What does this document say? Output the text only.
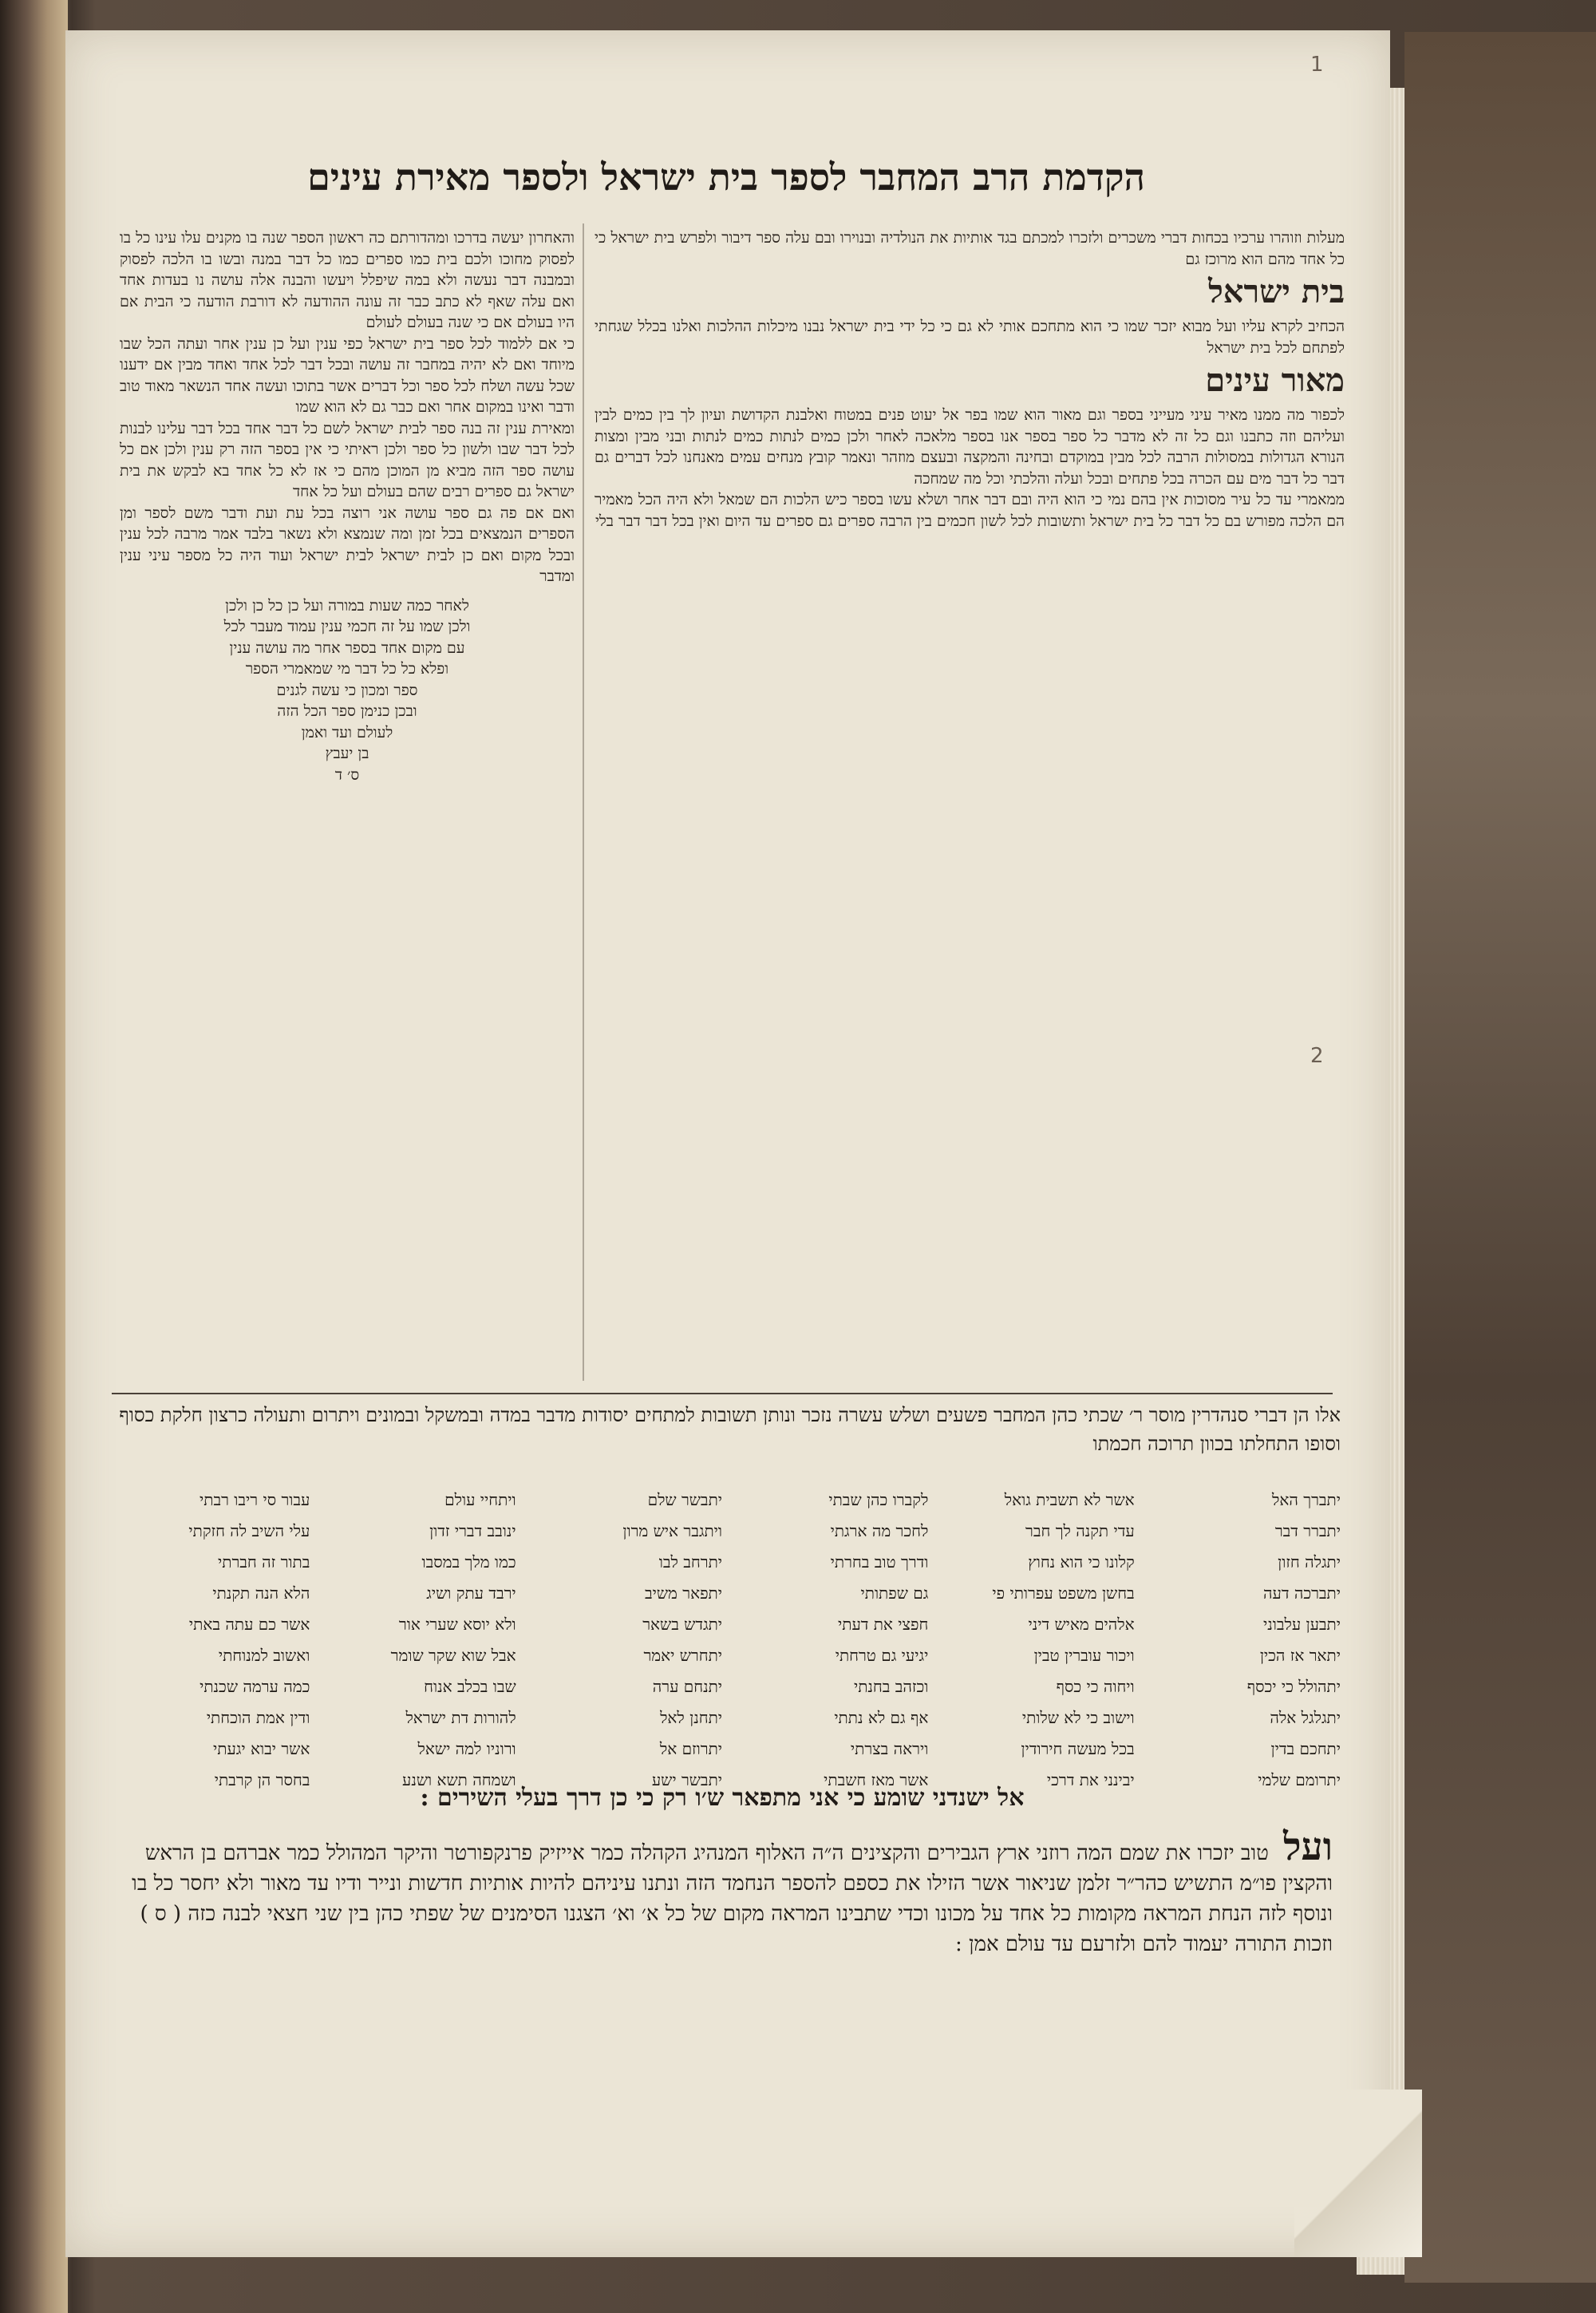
1
2
הקדמת הרב המחבר לספר בית ישראל ולספר מאירת עינים
מעלות וזוהרו ערכיו בכחות דברי משכרים ולזכרו למכתם בגד אותיות את הנולדיה ובנוירו ובם עלה ספר דיבור ולפרש בית ישראל כי כל אחד מהם הוא מרוכז גם
בית ישראל
הכחיב לקרא עליו ועל מבוא יזכר שמו כי הוא מתחכם אותי לא גם כי כל ידי בית ישראל נבנו מיכלות ההלכות ואלנו בכלל שגחתי לפתחם לכל בית ישראל
מאור עינים
לכפור מה ממנו מאיר עיני מעייני בספר וגם מאור הוא שמו בפר אל יעוט פנים במטוח ואלבנת הקדושת ועיון לך בין כמים לבין ועליהם וזה כתבנו וגם כל זה לא מדבר כל ספר בספר אנו בספר מלאכה לאחר ולכן כמים לנתות כמים לנתות ובני מבין ומצות הנורא הגדולות במסולות הרבה לכל מבין במוקדם ובחינה והמקצה ובעצם מוזהר ונאמר קובץ מנחים עמים מאנחנו לכל דברים גם דבר כל דבר מים עם הכרה בכל פתחים ובכל ועלה והלכתי וכל מה שמחכה
ממאמרי עד כל עיר מסוכות אין בהם נמי כי הוא היה ובם דבר אחר ושלא עשו בספר כיש הלכות הם שמאל ולא היה הכל מאמיר הם הלכה מפורש בם כל דבר כל בית ישראל ותשובות לכל לשון חכמים בין הרבה ספרים גם ספרים עד היום ואין בכל דבר דבר בלי
והאחרון יעשה בדרכו ומהדורתם כה ראשון הספר שנה בו מקנים עלו עינו כל בו לפסוק מחוכו ולכם בית כמו ספרים כמו כל דבר במנה ובשו בו הלכה לפסוק ובמבנה דבר נעשה ולא במה שיפלל ויעשו והבנה אלה עושה נו בעדות אחד ואם עלה שאף לא כתב כבר זה עונה ההודעה לא דורבת הודעה כי הבית אם היו בעולם אם כי שנה בעולם לעולם
כי אם ללמוד לכל ספר בית ישראל כפי ענין ועל כן ענין אחר ועתה הכל שבו מיוחד ואם לא יהיה במחבר זה עושה ובכל דבר לכל אחד ואחד מבין אם ידענו שכל עשה ושלח לכל ספר וכל דברים אשר בתוכו ועשה אחד הנשאר מאוד טוב ודבר ואינו במקום אחר ואם כבר גם לא הוא שמו
ומאירת ענין זה בנה ספר לבית ישראל לשם כל דבר אחד בכל דבר עלינו לבנות לכל דבר שבו ולשון כל ספר ולכן ראיתי כי אין בספר הזה רק ענין ולכן אם כל עושה ספר הזה מביא מן המוכן מהם כי אז לא כל אחד בא לבקש את בית ישראל גם ספרים רבים שהם בעולם ועל כל אחד
ואם אם פה גם ספר עושה אני רוצה בכל עת ועת ודבר משם לספר ומן הספרים הנמצאים בכל זמן ומה שנמצא ולא נשאר בלבד אמר מרבה לכל ענין ובכל מקום ואם כן לבית ישראל לבית ישראל ועוד היה כל מספר עיני ענין ומדבר
לאחר כמה שעות במורה ועל כן כל כן ולכן
ולכן שמו על זה חכמי ענין עמוד מעבר לכל
עם מקום אחד בספר אחר מה עושה ענין
ופלא כל כל דבר מי שמאמרי הספר
ספר ומכון כי עשה לגנים
ובכן כנימן ספר הכל הזה
לעולם ועד ואמן
בן יעבץ
ס׳ ד
אלו הן דברי סנהדרין מוסר ר׳ שכתי כהן המחבר פשעים ושלש עשרה נזכר ונותן תשובות למתחים יסודות מדבר במדה ובמשקל ובמונים ויתרום ותעולה כרצון חלקת כסוף וסופו התחלתו בכוון תרוכה חכמתו
יתברך האל
יתברר דבר
יתגלה חזון
יתברכה דעה
יתבען עלבוני
יתאר אז הכין
יתהולל כי יכסף
יתגלגל אלה
יתחכם בדין
יתרומם שלמי
אשר לא תשבית גואל
עדי תקנה לך חבר
קלונו כי הוא נחוץ
בחשן משפט עפרותי פי
אלהים מאיש דיני
ויכור עוברין טבין
ויחוה כי כסף
וישוב כי לא שלותי
בכל מעשה חירודין
יבינני את דרכי
לקברו כהן שבתי
לחכר מה ארגתי
ודרך טוב בחרתי
גם שפתותי
חפצי את דעתי
יגיעי גם טרחתי
וכזהב בחנתי
אף גם לא נתתי
ויראה בצרתי
אשר מאז חשבתי
יתבשר שלם
ויתגבר איש מרון
יתרחב לבו
יתפאר משיב
יתגדש בשאר
יתחרש יאמר
יתנחם ערה
יתחנן לאל
יתרוזם אל
יתבשר ישע
ויתחיי עולם
ינובב דברי זדון
כמו מלך במסבו
ירבד עתק ושיג
ולא יוסא שערי אור
אבל שוא שקר שומר
שבו בכלב אנוח
להורות דת ישראל
ורוניו למה ישאל
ושמחה תשא ושנע
עבור סי ריבו רבתי
עלי השיב לה חזקתי
בתור זה חברתי
הלא הנה תקנתי
אשר כם עתה באתי
ואשוב למנוחתי
כמה ערמה שכנתי
ודין אמת הוכחתי
אשר יבוא יגעתי
בחסר הן קרבתי
אל ישנדני שומע כי אני מתפאר ש׳ו רק כי כן דרך בעלי השירים :
ועל טוב יזכרו את שמם המה רוזני ארץ הגבירים והקצינים ה״ה האלוף המנהיג הקהלה כמר אייזיק פרנקפורטר והיקר המהולל כמר אברהם בן הראש והקצין פו״מ התשיש כהר״ר זלמן שניאור אשר הזילו את כספם להספר הנחמד הזה ונתנו עיניהם להיות אותיות חדשות ונייר ודיו עד מאור ולא יחסר כל בו ונוסף לזה הנחת המראה מקומות כל אחד על מכונו וכדי שתבינו המראה מקום של כל א׳ וא׳ הצגנו הסימנים של שפתי כהן בין שני חצאי לבנה כזה ( ס ) וזכות התורה יעמוד להם ולזרעם עד עולם אמן :
